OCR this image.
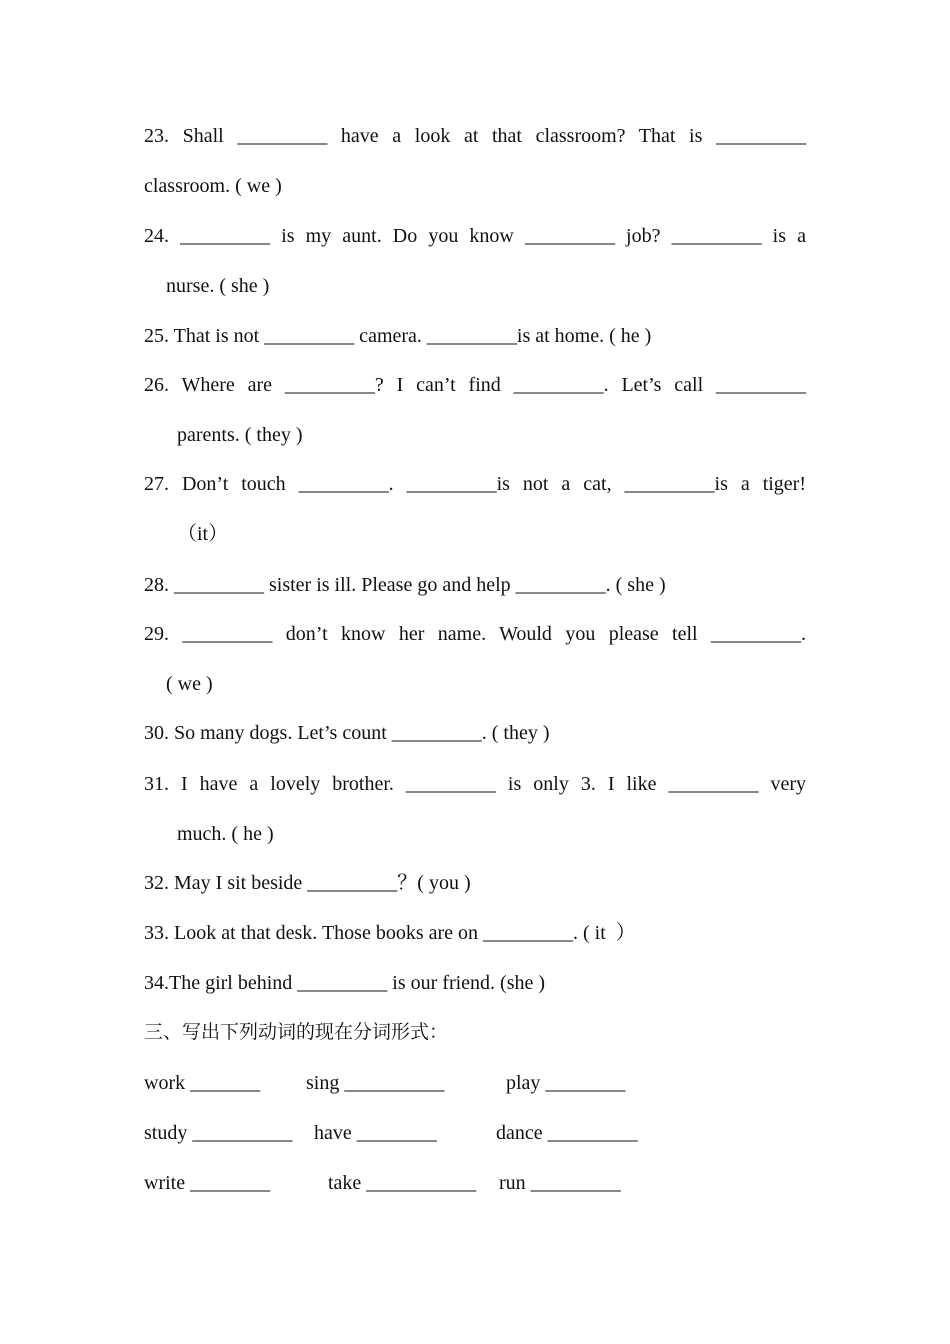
23. Shall _________ have a look at that classroom? That is _________
classroom. ( we )
24. _________ is my aunt. Do you know _________ job? _________ is a
nurse. ( she )
25. That is not _________ camera. _________is at home. ( he )
26. Where are _________? I can’t find _________. Let’s call _________
parents. ( they )
27. Don’t touch _________. _________is not a cat, _________is a tiger!
（it）
28. _________ sister is ill. Please go and help _________. ( she )
29. _________ don’t know her name. Would you please tell _________.
( we )
30. So many dogs. Let’s count _________. ( they )
31. I have a lovely brother. _________ is only 3. I like _________ very
much. ( he )
32. May I sit beside _________？( you )
33. Look at that desk. Those books are on _________. ( it  ）
34.The girl behind _________ is our friend. (she )
三、写出下列动词的现在分词形式：
work _______ sing __________	play ________
study __________ have ________	dance _________
write ________	take ___________ run _________
